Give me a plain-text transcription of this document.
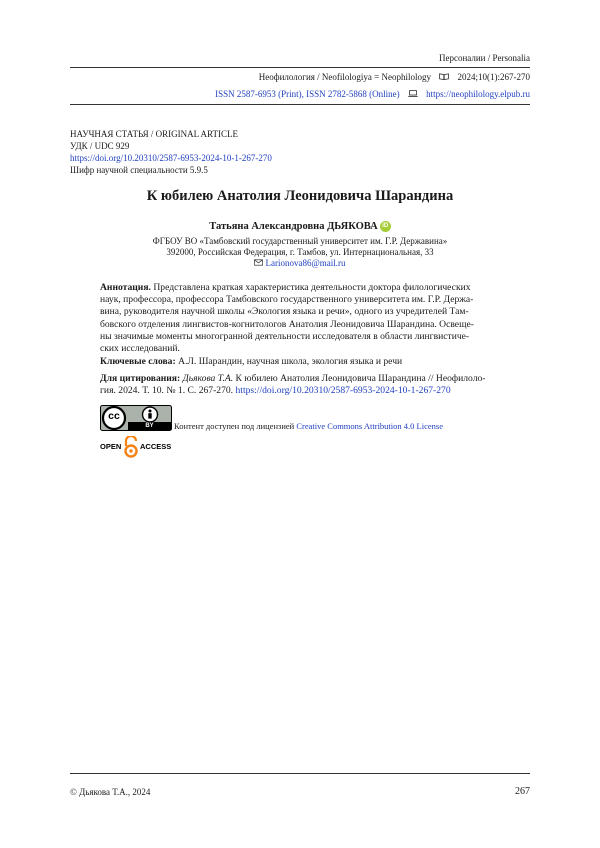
Персоналии / Personalia
Неофилология / Neofilologiya = Neophilology	2024;10(1):267-270
ISSN 2587-6953 (Print), ISSN 2782-5868 (Online)	https://neophilology.elpub.ru
НАУЧНАЯ СТАТЬЯ / ORIGINAL ARTICLE
УДК / UDC 929
https://doi.org/10.20310/2587-6953-2024-10-1-267-270
Шифр научной специальности 5.9.5
К юбилею Анатолия Леонидовича Шарандина
Татьяна Александровна ДЬЯКОВА iD
ФГБОУ ВО «Тамбовский государственный университет им. Г.Р. Державина»
392000, Российская Федерация, г. Тамбов, ул. Интернациональная, 33
Larionova86@mail.ru
Аннотация. Представлена краткая характеристика деятельности доктора филологических
наук, профессора, профессора Тамбовского государственного университета им. Г.Р. Держа-
вина, руководителя научной школы «Экология языка и речи», одного из учредителей Там-
бовского отделения лингвистов-когнитологов Анатолия Леонидовича Шарандина. Освеще-
ны значимые моменты многогранной деятельности исследователя в области лингвистиче-
ских исследований.
Ключевые слова: А.Л. Шарандин, научная школа, экология языка и речи
Для цитирования: Дьякова Т.А. К юбилею Анатолия Леонидовича Шарандина // Неофилоло-
гия. 2024. Т. 10. № 1. С. 267-270. https://doi.org/10.20310/2587-6953-2024-10-1-267-270
cc
BY	Контент доступен под лицензией Creative Commons Attribution 4.0 License
OPEN ACCESS
© Дьякова Т.А., 2024	267
